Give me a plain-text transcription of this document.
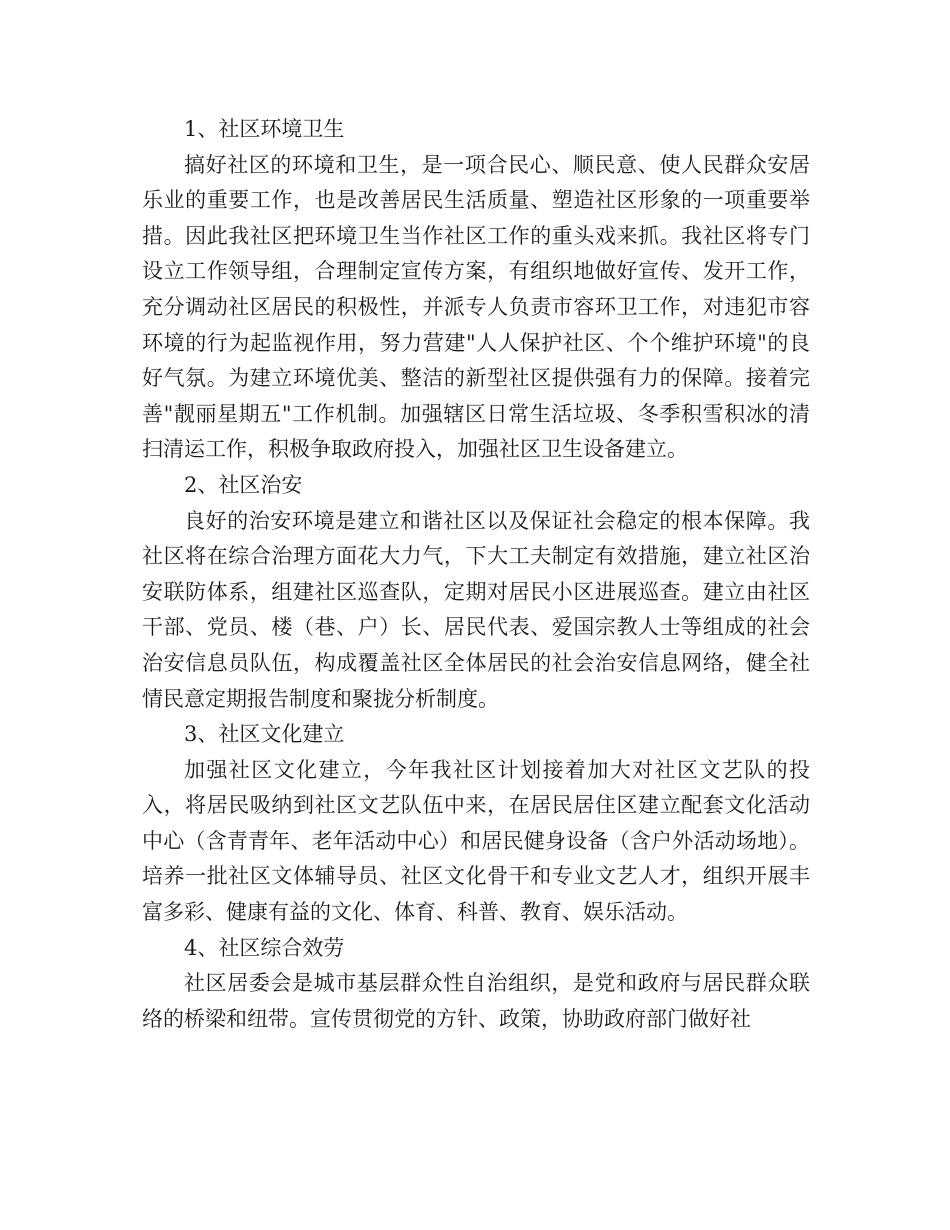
1、社区环境卫生

搞好社区的环境和卫生，是一项合民心、顺民意、使人民群众安居乐业的重要工作，也是改善居民生活质量、塑造社区形象的一项重要举措。因此我社区把环境卫生当作社区工作的重头戏来抓。我社区将专门设立工作领导组，合理制定宣传方案，有组织地做好宣传、发开工作，充分调动社区居民的积极性，并派专人负责市容环卫工作，对违犯市容环境的行为起监视作用，努力营建"人人保护社区、个个维护环境"的良好气氛。为建立环境优美、整洁的新型社区提供强有力的保障。接着完善"靓丽星期五"工作机制。加强辖区日常生活垃圾、冬季积雪积冰的清扫清运工作，积极争取政府投入，加强社区卫生设备建立。

2、社区治安

良好的治安环境是建立和谐社区以及保证社会稳定的根本保障。我社区将在综合治理方面花大力气，下大工夫制定有效措施，建立社区治安联防体系，组建社区巡查队，定期对居民小区进展巡查。建立由社区干部、党员、楼（巷、户）长、居民代表、爱国宗教人士等组成的社会治安信息员队伍，构成覆盖社区全体居民的社会治安信息网络，健全社情民意定期报告制度和聚拢分析制度。

3、社区文化建立

加强社区文化建立，今年我社区计划接着加大对社区文艺队的投入，将居民吸纳到社区文艺队伍中来，在居民居住区建立配套文化活动中心（含青青年、老年活动中心）和居民健身设备（含户外活动场地）。培养一批社区文体辅导员、社区文化骨干和专业文艺人才，组织开展丰富多彩、健康有益的文化、体育、科普、教育、娱乐活动。

4、社区综合效劳

社区居委会是城市基层群众性自治组织，是党和政府与居民群众联络的桥梁和纽带。宣传贯彻党的方针、政策，协助政府部门做好社
